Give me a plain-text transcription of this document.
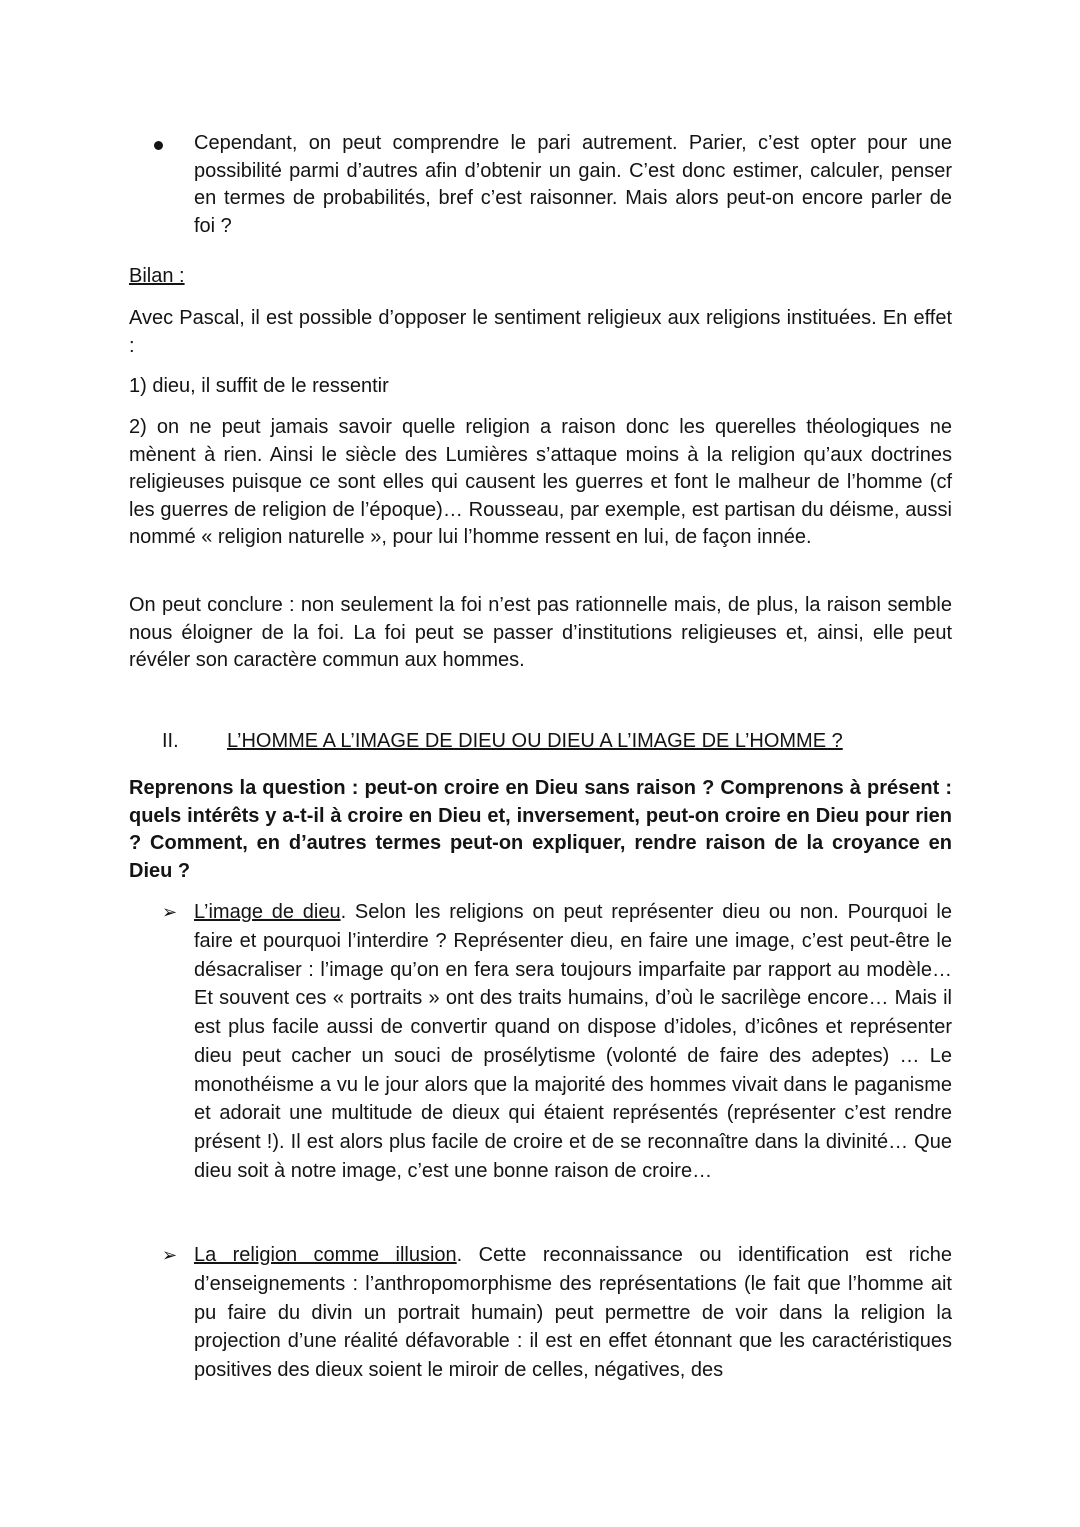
Cependant, on peut comprendre le pari autrement. Parier, c’est opter pour une possibilité parmi d’autres afin d’obtenir un gain. C’est donc estimer, calculer, penser en termes de probabilités, bref c’est raisonner. Mais alors peut-on encore parler de foi ?

Bilan :

Avec Pascal, il est possible d’opposer le sentiment religieux aux religions instituées. En effet :

1) dieu, il suffit de le ressentir

2) on ne peut jamais savoir quelle religion a raison donc les querelles théologiques ne mènent à rien. Ainsi le siècle des Lumières s’attaque moins à la religion qu’aux doctrines religieuses puisque ce sont elles qui causent les guerres et font le malheur de l’homme (cf les guerres de religion de l’époque)… Rousseau, par exemple, est partisan du déisme, aussi nommé « religion naturelle », pour lui l’homme ressent en lui, de façon innée.

On peut conclure : non seulement la foi n’est pas rationnelle mais, de plus, la raison semble nous éloigner de la foi. La foi peut se passer d’institutions religieuses et, ainsi, elle peut révéler son caractère commun aux hommes.

II. L’HOMME A L’IMAGE DE DIEU OU DIEU A L’IMAGE DE L’HOMME ?

Reprenons la question : peut-on croire en Dieu sans raison ? Comprenons à présent : quels intérêts y a-t-il à croire en Dieu et, inversement, peut-on croire en Dieu pour rien ? Comment, en d’autres termes peut-on expliquer, rendre raison de la croyance en Dieu ?

➢ L’image de dieu. Selon les religions on peut représenter dieu ou non. Pourquoi le faire et pourquoi l’interdire ? Représenter dieu, en faire une image, c’est peut-être le désacraliser : l’image qu’on en fera sera toujours imparfaite par rapport au modèle… Et souvent ces « portraits » ont des traits humains, d’où le sacrilège encore… Mais il est plus facile aussi de convertir quand on dispose d’idoles, d’icônes et représenter dieu peut cacher un souci de prosélytisme (volonté de faire des adeptes) … Le monothéisme a vu le jour alors que la majorité des hommes vivait dans le paganisme et adorait une multitude de dieux qui étaient représentés (représenter c’est rendre présent !). Il est alors plus facile de croire et de se reconnaître dans la divinité… Que dieu soit à notre image, c’est une bonne raison de croire…

➢ La religion comme illusion. Cette reconnaissance ou identification est riche d’enseignements : l’anthropomorphisme des représentations (le fait que l’homme ait pu faire du divin un portrait humain) peut permettre de voir dans la religion la projection d’une réalité défavorable : il est en effet étonnant que les caractéristiques positives des dieux soient le miroir de celles, négatives, des
